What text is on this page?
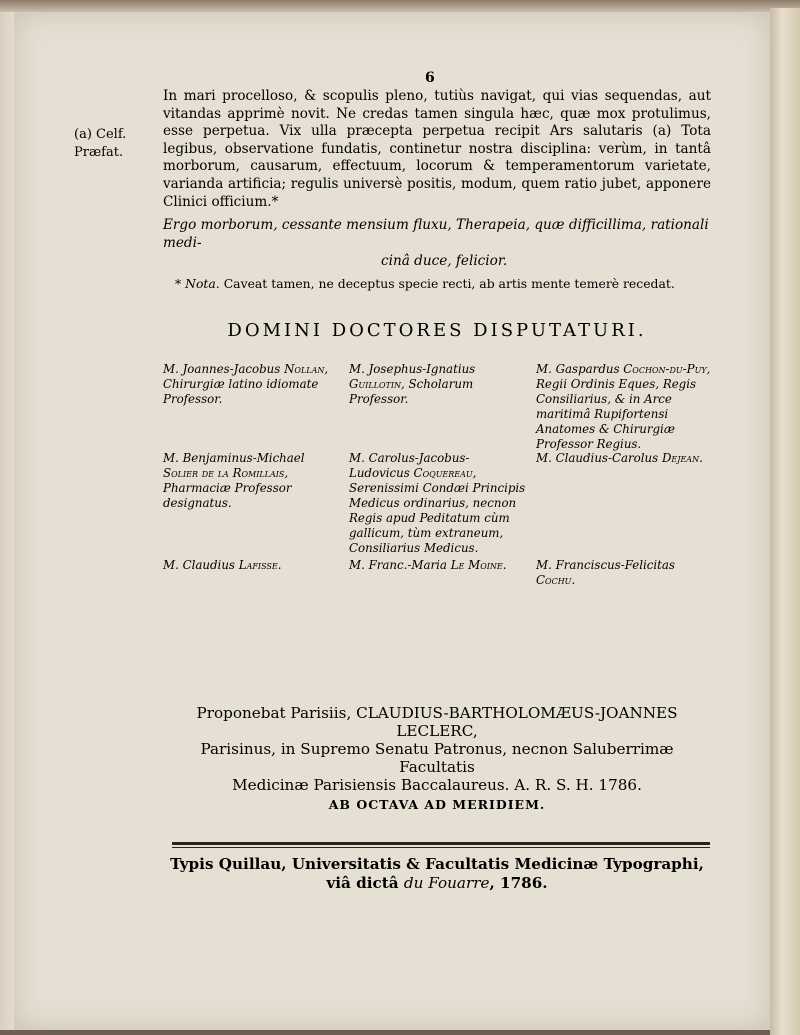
6
(a) Celf.
Præfat.

In mari procelloso, & scopulis pleno, tutiùs navigat, qui vias sequendas, aut vitandas apprimè novit. Ne credas tamen singula hæc, quæ mox protulimus, esse perpetua. Vix ulla præcepta perpetua recipit Ars salutaris (a) Tota legibus, observatione fundatis, continetur nostra disciplina: verùm, in tantâ morborum, causarum, effectuum, locorum & temperamentorum varietate, varianda artificia; regulis universè positis, modum, quem ratio jubet, apponere Clinici officium.*

Ergo morborum, cessante mensium fluxu, Therapeia, quæ difficillima, rationali medi-
cinâ duce, felicior.
* Nota. Caveat tamen, ne deceptus specie recti, ab artis mente temerè recedat.
DOMINI DOCTORES DISPUTATURI.
M. Joannes-Jacobus Nollan, Chirurgiæ latino idiomate Professor.
M. Josephus-Ignatius Guillotin, Scholarum Professor.
M. Gaspardus Cochon-du-Puy, Regii Ordinis Eques, Regis Consiliarius, & in Arce maritimâ Rupifortensi Anatomes & Chirurgiæ Professor Regius.
M. Benjaminus-Michael Solier de la Romillais, Pharmaciæ Professor designatus.
M. Carolus-Jacobus-Ludovicus Coquereau, Serenissimi Condæi Principis Medicus ordinarius, necnon Regis apud Peditatum cùm gallicum, tùm extraneum, Consiliarius Medicus.
M. Claudius-Carolus Dejean.
M. Claudius Lafisse.	M. Franc.-Maria Le Moine.	M. Franciscus-Felicitas Cochu.
Proponebat Parisiis, CLAUDIUS-BARTHOLOMÆUS-JOANNES LECLERC,
Parisinus, in Supremo Senatu Patronus, necnon Saluberrimæ Facultatis
Medicinæ Parisiensis Baccalaureus. A. R. S. H. 1786.
AB OCTAVA AD MERIDIEM.
Typis Quillau, Universitatis & Facultatis Medicinæ Typographi,
viâ dictâ du Fouarre, 1786.
